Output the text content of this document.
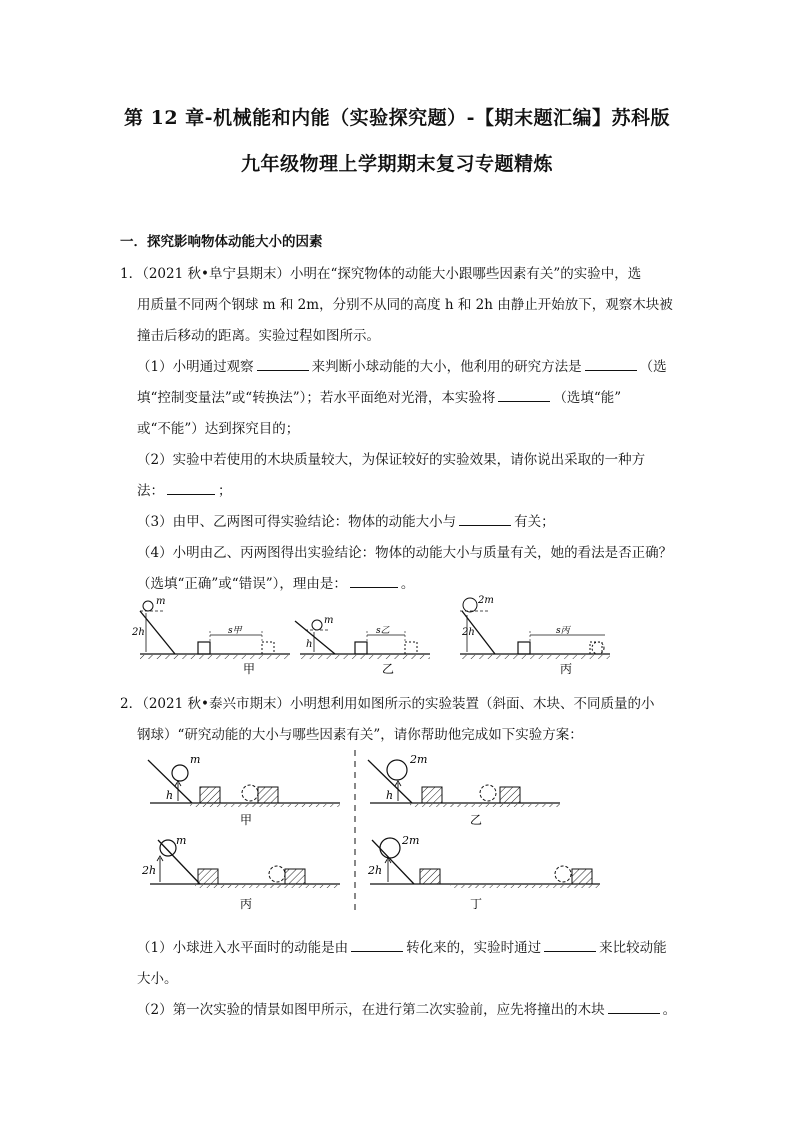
第 12 章-机械能和内能（实验探究题）-【期末题汇编】苏科版
九年级物理上学期期末复习专题精炼
一．探究影响物体动能大小的因素
1．（2021 秋•阜宁县期末）小明在“探究物体的动能大小跟哪些因素有关”的实验中，选
用质量不同两个钢球 m 和 2m，分别不从同的高度 h 和 2h 由静止开始放下，观察木块被
撞击后移动的距离。实验过程如图所示。
（1）小明通过观察	来判断小球动能的大小，他利用的研究方法是	（选
填“控制变量法”或“转换法”）；若水平面绝对光滑，本实验将	（选填“能”
或“不能”）达到探究目的；
（2）实验中若使用的木块质量较大，为保证较好的实验效果，请你说出采取的一种方
法：	；
（3）由甲、乙两图可得实验结论：物体的动能大小与	有关；
（4）小明由乙、丙两图得出实验结论：物体的动能大小与质量有关，她的看法是否正确？
（选填“正确”或“错误”），理由是：	。
m
2h	s甲
甲
m
h
s乙
乙
2m
2h	s丙
丙
2．（2021 秋•泰兴市期末）小明想利用如图所示的实验装置（斜面、木块、不同质量的小
钢球）“研究动能的大小与哪些因素有关”，请你帮助他完成如下实验方案：
m
h
甲
2m
h
乙
m
2h
丙
2m
2h
丁
（1）小球进入水平面时的动能是由	转化来的，实验时通过	来比较动能
大小。
（2）第一次实验的情景如图甲所示，在进行第二次实验前，应先将撞出的木块	。
